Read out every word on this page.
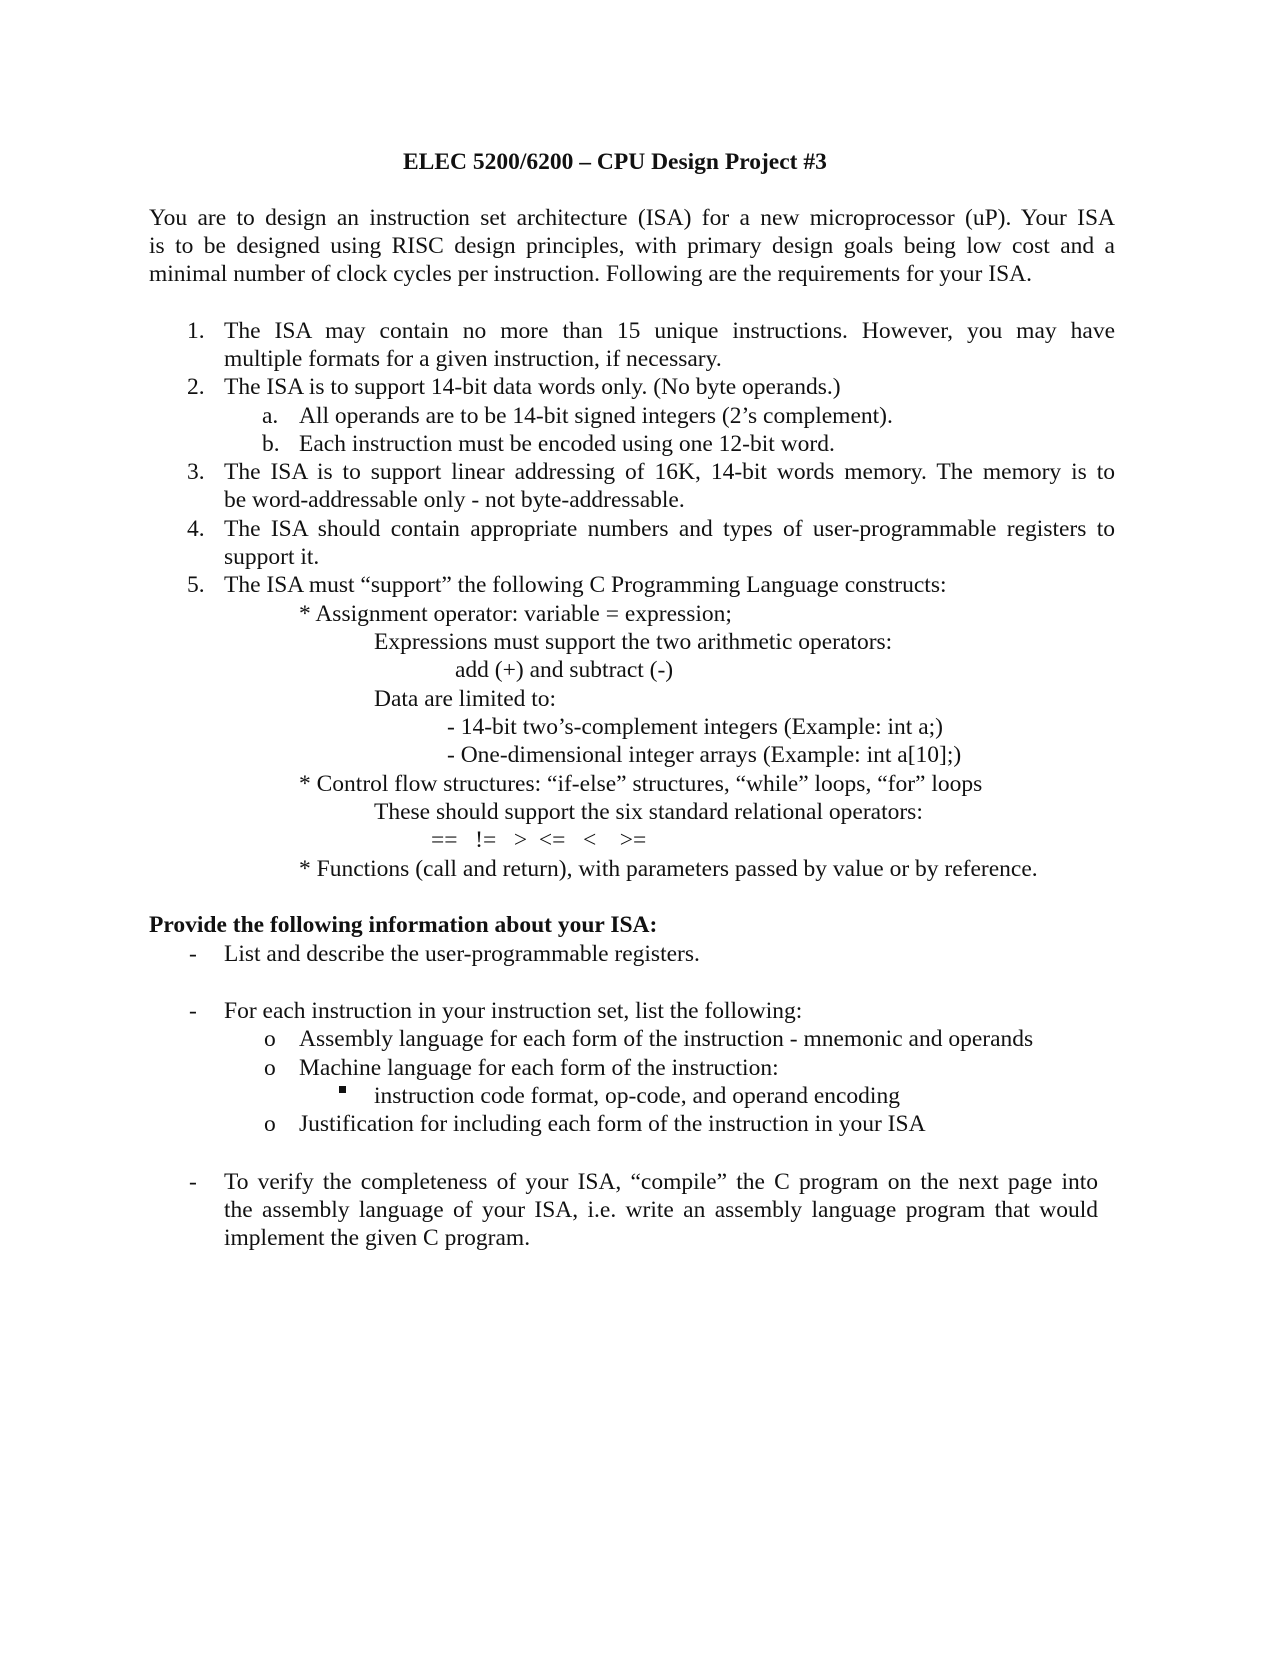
ELEC 5200/6200 – CPU Design Project #3
You are to design an instruction set architecture (ISA) for a new microprocessor (uP). Your ISA
is to be designed using RISC design principles, with primary design goals being low cost and a
minimal number of clock cycles per instruction. Following are the requirements for your ISA.
1. The ISA may contain no more than 15 unique instructions. However, you may have
multiple formats for a given instruction, if necessary.
2. The ISA is to support 14-bit data words only. (No byte operands.)
a. All operands are to be 14-bit signed integers (2’s complement).
b. Each instruction must be encoded using one 12-bit word.
3. The ISA is to support linear addressing of 16K, 14-bit words memory. The memory is to
be word-addressable only - not byte-addressable.
4. The ISA should contain appropriate numbers and types of user-programmable registers to
support it.
5. The ISA must “support” the following C Programming Language constructs:
* Assignment operator: variable = expression;
Expressions must support the two arithmetic operators:
add (+) and subtract (-)
Data are limited to:
- 14-bit two’s-complement integers (Example: int a;)
- One-dimensional integer arrays (Example: int a[10];)
* Control flow structures: “if-else” structures, “while” loops, “for” loops
These should support the six standard relational operators:
==   !=   >  <=   <    >=
* Functions (call and return), with parameters passed by value or by reference.
Provide the following information about your ISA:
- List and describe the user-programmable registers.
- For each instruction in your instruction set, list the following:
o Assembly language for each form of the instruction - mnemonic and operands
o Machine language for each form of the instruction:
instruction code format, op-code, and operand encoding
o Justification for including each form of the instruction in your ISA
- To verify the completeness of your ISA, “compile” the C program on the next page into
the assembly language of your ISA, i.e. write an assembly language program that would
implement the given C program.
